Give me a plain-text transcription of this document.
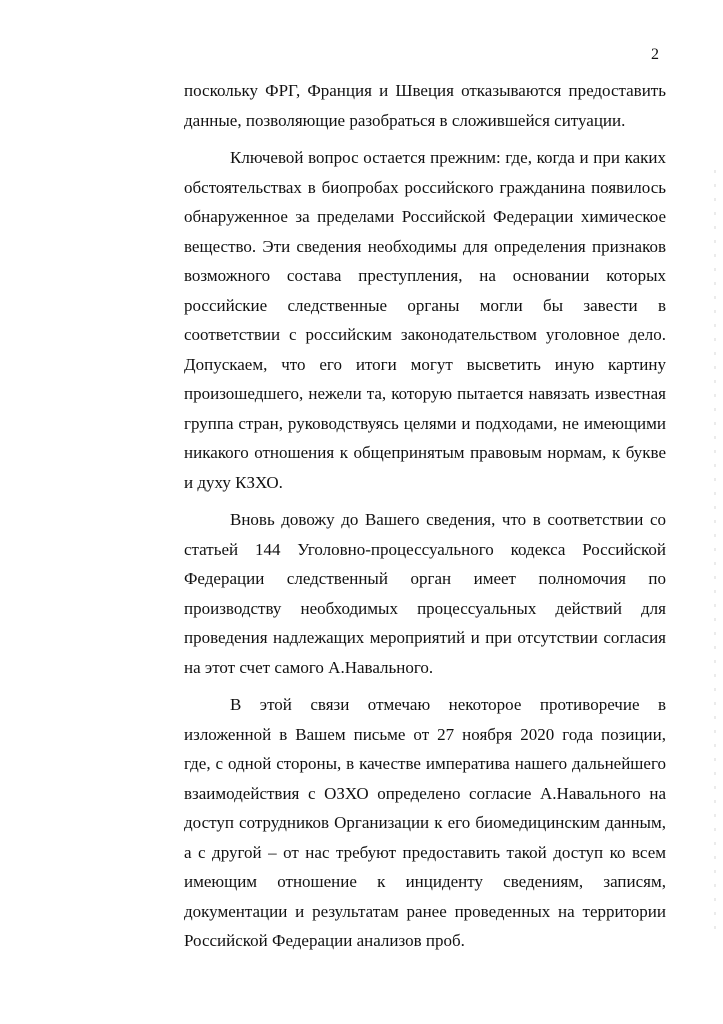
2
поскольку ФРГ, Франция и Швеция отказываются предоставить
данные, позволяющие разобраться в сложившейся ситуации.
Ключевой вопрос остается прежним: где, когда и при каких
обстоятельствах в биопробах российского гражданина появилось
обнаруженное за пределами Российской Федерации химическое
вещество. Эти сведения необходимы для определения признаков
возможного состава преступления, на основании которых
российские следственные органы могли бы завести в
соответствии с российским законодательством уголовное дело.
Допускаем, что его итоги могут высветить иную картину
произошедшего, нежели та, которую пытается навязать известная
группа стран, руководствуясь целями и подходами, не имеющими
никакого отношения к общепринятым правовым нормам, к букве
и духу КЗХО.
Вновь довожу до Вашего сведения, что в соответствии со
статьей 144 Уголовно-процессуального кодекса Российской
Федерации следственный орган имеет полномочия по
производству необходимых процессуальных действий для
проведения надлежащих мероприятий и при отсутствии согласия
на этот счет самого А.Навального.
В этой связи отмечаю некоторое противоречие в
изложенной в Вашем письме от 27 ноября 2020 года позиции,
где, с одной стороны, в качестве императива нашего дальнейшего
взаимодействия с ОЗХО определено согласие А.Навального на
доступ сотрудников Организации к его биомедицинским данным,
а с другой – от нас требуют предоставить такой доступ ко всем
имеющим отношение к инциденту сведениям, записям,
документации и результатам ранее проведенных на территории
Российской Федерации анализов проб.
